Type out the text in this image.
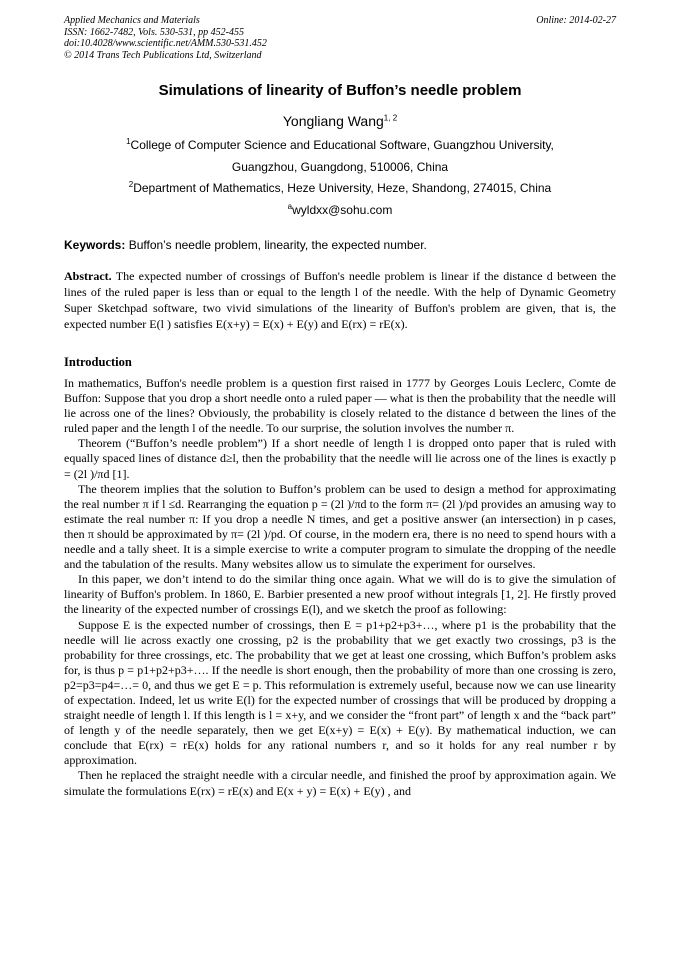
Applied Mechanics and Materials
ISSN: 1662-7482, Vols. 530-531, pp 452-455
doi:10.4028/www.scientific.net/AMM.530-531.452
© 2014 Trans Tech Publications Ltd, Switzerland
Online: 2014-02-27
Simulations of linearity of Buffon’s needle problem
Yongliang Wang$^{1, 2}$
$^1$College of Computer Science and Educational Software, Guangzhou University,
Guangzhou, Guangdong, 510006, China
$^2$Department of Mathematics, Heze University, Heze, Shandong, 274015, China
$^a$wyldxx@sohu.com
Keywords: Buffon’s needle problem, linearity, the expected number.
Abstract. The expected number of crossings of Buffon's needle problem is linear if the distance d between the lines of the ruled paper is less than or equal to the length l of the needle. With the help of Dynamic Geometry Super Sketchpad software, two vivid simulations of the linearity of Buffon's problem are given, that is, the expected number E(l ) satisfies E(x+y) = E(x) + E(y) and E(rx) = rE(x).
Introduction

In mathematics, Buffon's needle problem is a question first raised in 1777 by Georges Louis Leclerc, Comte de Buffon: Suppose that you drop a short needle onto a ruled paper — what is then the probability that the needle will lie across one of the lines? Obviously, the probability is closely related to the distance d between the lines of the ruled paper and the length l of the needle. To our surprise, the solution involves the number π.

Theorem (“Buffon’s needle problem”) If a short needle of length l is dropped onto paper that is ruled with equally spaced lines of distance d≥l, then the probability that the needle will lie across one of the lines is exactly p = (2l )/πd [1].

The theorem implies that the solution to Buffon’s problem can be used to design a method for approximating the real number π if l ≤d. Rearranging the equation p = (2l )/πd to the form π= (2l )/pd provides an amusing way to estimate the real number π: If you drop a needle N times, and get a positive answer (an intersection) in p cases, then π should be approximated by π= (2l )/pd. Of course, in the modern era, there is no need to spend hours with a needle and a tally sheet. It is a simple exercise to write a computer program to simulate the dropping of the needle and the tabulation of the results. Many websites allow us to simulate the experiment for ourselves.

In this paper, we don’t intend to do the similar thing once again. What we will do is to give the simulation of linearity of Buffon's problem. In 1860, E. Barbier presented a new proof without integrals [1, 2]. He firstly proved the linearity of the expected number of crossings E(l), and we sketch the proof as following:

Suppose E is the expected number of crossings, then E = p1+p2+p3+…, where p1 is the probability that the needle will lie across exactly one crossing, p2 is the probability that we get exactly two crossings, p3 is the probability for three crossings, etc. The probability that we get at least one crossing, which Buffon’s problem asks for, is thus p = p1+p2+p3+…. If the needle is short enough, then the probability of more than one crossing is zero, p2=p3=p4=…= 0, and thus we get E = p. This reformulation is extremely useful, because now we can use linearity of expectation. Indeed, let us write E(l) for the expected number of crossings that will be produced by dropping a straight needle of length l. If this length is l = x+y, and we consider the “front part” of length x and the “back part” of length y of the needle separately, then we get E(x+y) = E(x) + E(y). By mathematical induction, we can conclude that E(rx) = rE(x) holds for any rational numbers r, and so it holds for any real number r by approximation.

Then he replaced the straight needle with a circular needle, and finished the proof by approximation again. We simulate the formulations E(rx) = rE(x) and E(x + y) = E(x) + E(y) , and
